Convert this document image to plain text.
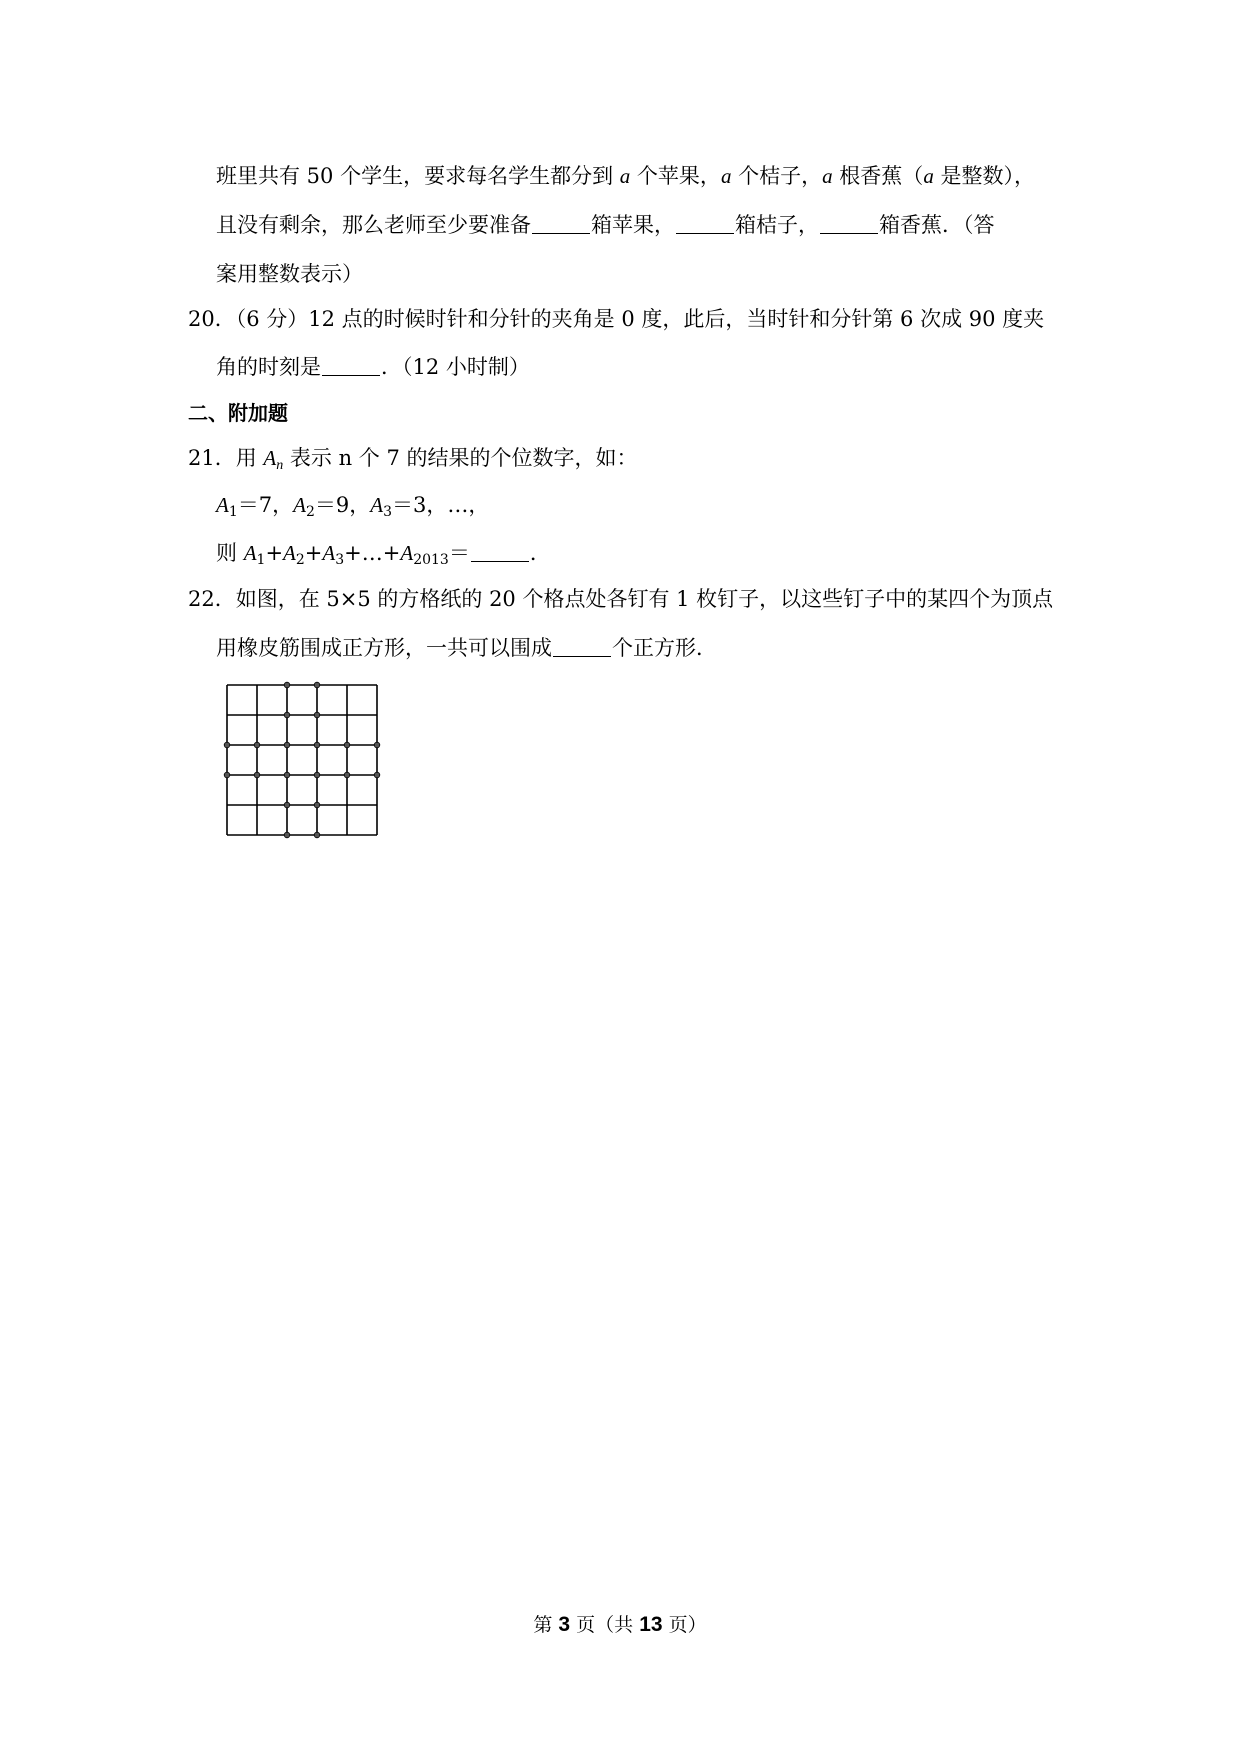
班里共有 50 个学生，要求每名学生都分到 a 个苹果，a 个桔子，a 根香蕉（a 是整数），
且没有剩余，那么老师至少要准备	箱苹果，	箱桔子，	箱香蕉．（答
案用整数表示）
20．（6 分）12 点的时候时针和分针的夹角是 0 度，此后，当时针和分针第 6 次成 90 度夹
角的时刻是	．（12 小时制）
二、附加题
21．用 $A_n$ 表示 n 个 7 的结果的个位数字，如：
$A_1=7$，$A_2=9$，$A_3=3$，…，
则 $A_1+A_2+A_3+\dots+A_{2013}=$	．
22．如图，在 5×5 的方格纸的 20 个格点处各钉有 1 枚钉子，以这些钉子中的某四个为顶点
用橡皮筋围成正方形，一共可以围成	个正方形．
第 3 页（共 13 页）
